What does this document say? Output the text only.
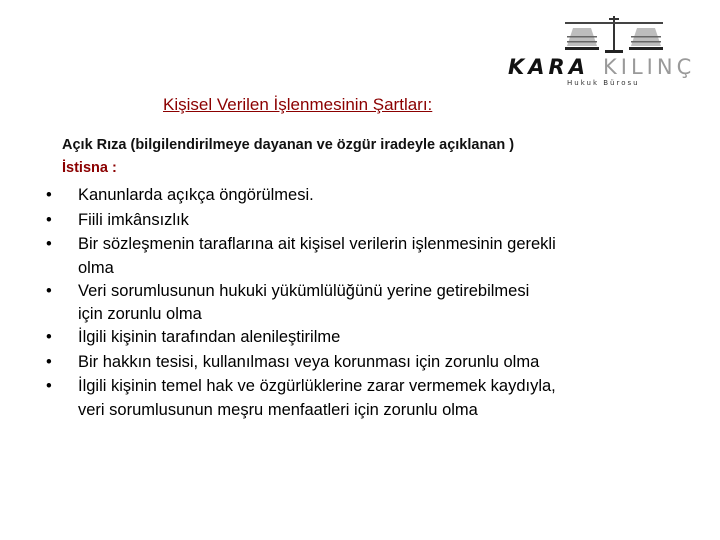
KARA KILINÇ
Hukuk Bürosu
Kişisel Verilen İşlenmesinin Şartları:
Açık Rıza (bilgilendirilmeye dayanan ve özgür iradeyle açıklanan )
İstisna :
•	Kanunlarda açıkça öngörülmesi.
•	Fiili imkânsızlık
•	Bir sözleşmenin taraflarına ait kişisel verilerin işlenmesinin gerekli
olma
•	Veri sorumlusunun hukuki yükümlülüğünü yerine getirebilmesi
için zorunlu olma
•	İlgili kişinin tarafından alenileştirilme
•	Bir hakkın tesisi, kullanılması veya korunması için zorunlu olma
•	İlgili kişinin temel hak ve özgürlüklerine zarar vermemek kaydıyla,
veri sorumlusunun meşru menfaatleri için zorunlu olma
